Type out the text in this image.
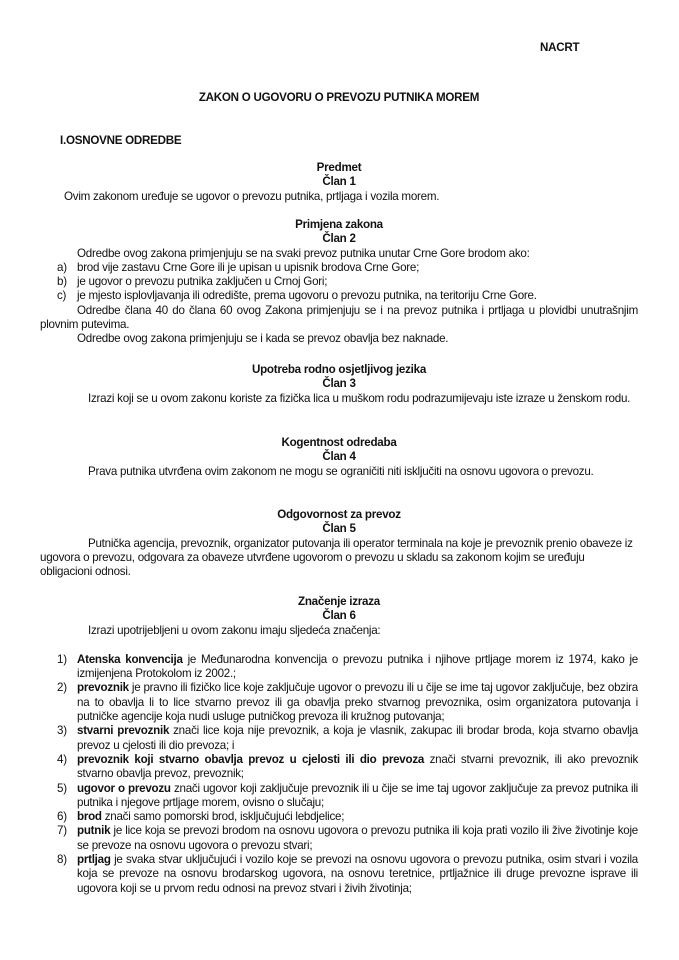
NACRT
ZAKON O UGOVORU O PREVOZU PUTNIKA MOREM
I.OSNOVNE ODREDBE
Predmet
Član 1

Ovim zakonom uređuje se ugovor o prevozu putnika, prtljaga i vozila morem.

Primjena zakona
Član 2

Odredbe ovog zakona primjenjuju se na svaki prevoz putnika unutar Crne Gore brodom ako:

a) brod vije zastavu Crne Gore ili je upisan u upisnik brodova Crne Gore;
b) je ugovor o prevozu putnika zaključen u Crnoj Gori;
c) je mjesto isplovljavanja ili odredište, prema ugovoru o prevozu putnika, na teritoriju Crne Gore.

Odredbe člana 40 do člana 60 ovog Zakona primjenjuju se i na prevoz putnika i prtljaga u plovidbi unutrašnjim plovnim putevima.

Odredbe ovog zakona primjenjuju se i kada se prevoz obavlja bez naknade.

Upotreba rodno osjetljivog jezika
Član 3

Izrazi koji se u ovom zakonu koriste za fizička lica u muškom rodu podrazumijevaju iste izraze u ženskom rodu.

Kogentnost odredaba
Član 4

Prava putnika utvrđena ovim zakonom ne mogu se ograničiti niti isključiti na osnovu ugovora o prevozu.

Odgovornost za prevoz
Član 5

Putnička agencija, prevoznik, organizator putovanja ili operator terminala na koje je prevoznik prenio obaveze iz ugovora o prevozu, odgovara za obaveze utvrđene ugovorom o prevozu u skladu sa zakonom kojim se uređuju obligacioni odnosi.

Značenje izraza
Član 6

Izrazi upotrijebljeni u ovom zakonu imaju sljedeća značenja:

1) Atenska konvencija je Međunarodna konvencija o prevozu putnika i njihove prtljage morem iz 1974, kako je izmijenjena Protokolom iz 2002.;
2) prevoznik je pravno ili fizičko lice koje zaključuje ugovor o prevozu ili u čije se ime taj ugovor zaključuje, bez obzira na to obavlja li to lice stvarno prevoz ili ga obavlja preko stvarnog prevoznika, osim organizatora putovanja i putničke agencije koja nudi usluge putničkog prevoza ili kružnog putovanja;
3) stvarni prevoznik znači lice koja nije prevoznik, a koja je vlasnik, zakupac ili brodar broda, koja stvarno obavlja prevoz u cjelosti ili dio prevoza; i
4) prevoznik koji stvarno obavlja prevoz u cjelosti ili dio prevoza znači stvarni prevoznik, ili ako prevoznik stvarno obavlja prevoz, prevoznik;
5) ugovor o prevozu znači ugovor koji zaključuje prevoznik ili u čije se ime taj ugovor zaključuje za prevoz putnika ili putnika i njegove prtljage morem, ovisno o slučaju;
6) brod znači samo pomorski brod, isključujući lebdjelice;
7) putnik je lice koja se prevozi brodom na osnovu ugovora o prevozu putnika ili koja prati vozilo ili žive životinje koje se prevoze na osnovu ugovora o prevozu stvari;
8) prtljag je svaka stvar uključujući i vozilo koje se prevozi na osnovu ugovora o prevozu putnika, osim stvari i vozila koja se prevoze na osnovu brodarskog ugovora, na osnovu teretnice, prtljažnice ili druge prevozne isprave ili ugovora koji se u prvom redu odnosi na prevoz stvari i živih životinja;
